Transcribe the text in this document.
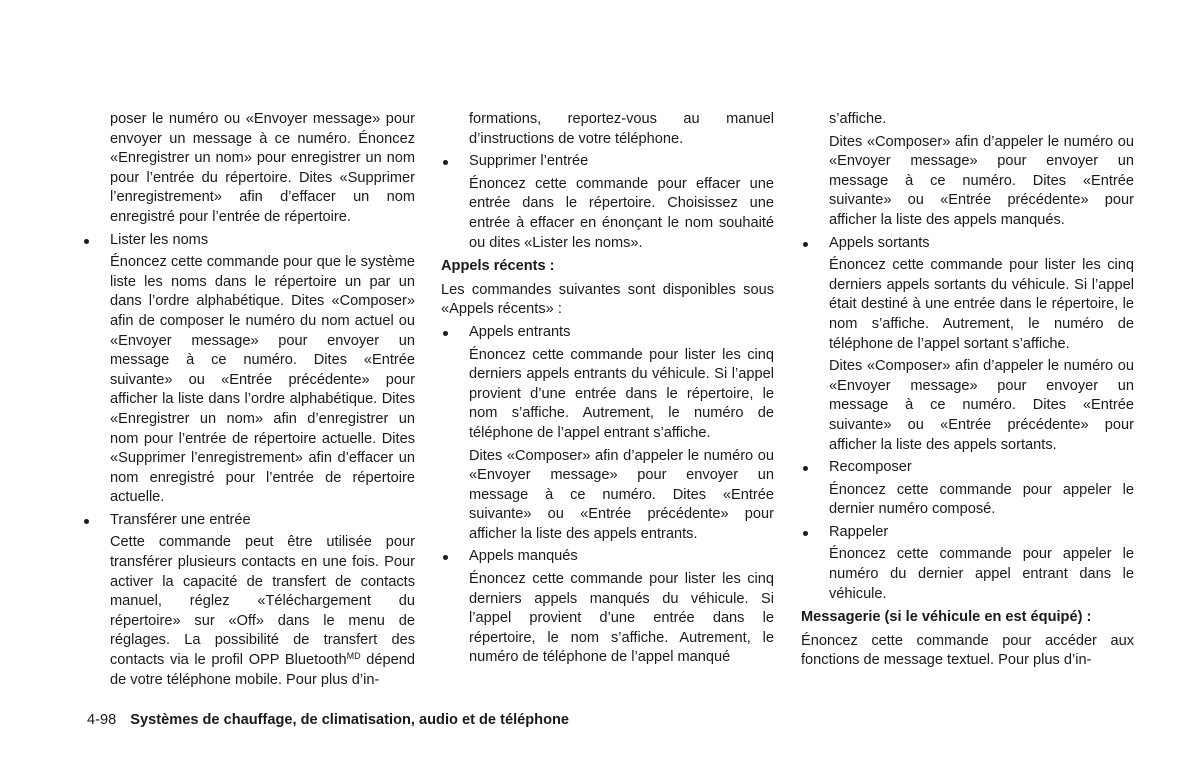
poser le numéro ou «Envoyer message» pour envoyer un message à ce numéro. Énoncez «Enregistrer un nom» pour enregistrer un nom pour l’entrée du répertoire. Dites «Supprimer l’enregistrement» afin d’effacer un nom enregistré pour l’entrée de répertoire.

Lister les noms

Énoncez cette commande pour que le système liste les noms dans le répertoire un par un dans l’ordre alphabétique. Dites «Composer» afin de composer le numéro du nom actuel ou «Envoyer message» pour envoyer un message à ce numéro. Dites «Entrée suivante» ou «Entrée précédente» pour afficher la liste dans l’ordre alphabétique. Dites «Enregistrer un nom» afin d’enregistrer un nom pour l’entrée de répertoire actuelle. Dites «Supprimer l’enregistrement» afin d’effacer un nom enregistré pour l’entrée de répertoire actuelle.

Transférer une entrée

Cette commande peut être utilisée pour transférer plusieurs contacts en une fois. Pour activer la capacité de transfert de contacts manuel, réglez «Téléchargement du répertoire» sur «Off» dans le menu de réglages. La possibilité de transfert des contacts via le profil OPP Bluetooth$^{MD}$ dépend de votre téléphone mobile. Pour plus d’in-

formations, reportez-vous au manuel d’instructions de votre téléphone.

Supprimer l’entrée

Énoncez cette commande pour effacer une entrée dans le répertoire. Choisissez une entrée à effacer en énonçant le nom souhaité ou dites «Lister les noms».

Appels récents :

Les commandes suivantes sont disponibles sous «Appels récents» :

Appels entrants

Énoncez cette commande pour lister les cinq derniers appels entrants du véhicule. Si l’appel provient d’une entrée dans le répertoire, le nom s’affiche. Autrement, le numéro de téléphone de l’appel entrant s’affiche.

Dites «Composer» afin d’appeler le numéro ou «Envoyer message» pour envoyer un message à ce numéro. Dites «Entrée suivante» ou «Entrée précédente» pour afficher la liste des appels entrants.

Appels manqués

Énoncez cette commande pour lister les cinq derniers appels manqués du véhicule. Si l’appel provient d’une entrée dans le répertoire, le nom s’affiche. Autrement, le numéro de téléphone de l’appel manqué

s’affiche.

Dites «Composer» afin d’appeler le numéro ou «Envoyer message» pour envoyer un message à ce numéro. Dites «Entrée suivante» ou «Entrée précédente» pour afficher la liste des appels manqués.

Appels sortants

Énoncez cette commande pour lister les cinq derniers appels sortants du véhicule. Si l’appel était destiné à une entrée dans le répertoire, le nom s’affiche. Autrement, le numéro de téléphone de l’appel sortant s’affiche.

Dites «Composer» afin d’appeler le numéro ou «Envoyer message» pour envoyer un message à ce numéro. Dites «Entrée suivante» ou «Entrée précédente» pour afficher la liste des appels sortants.

Recomposer

Énoncez cette commande pour appeler le dernier numéro composé.

Rappeler

Énoncez cette commande pour appeler le numéro du dernier appel entrant dans le véhicule.

Messagerie (si le véhicule en est équipé) :

Énoncez cette commande pour accéder aux fonctions de message textuel. Pour plus d’in-

4-98 Systèmes de chauffage, de climatisation, audio et de téléphone
